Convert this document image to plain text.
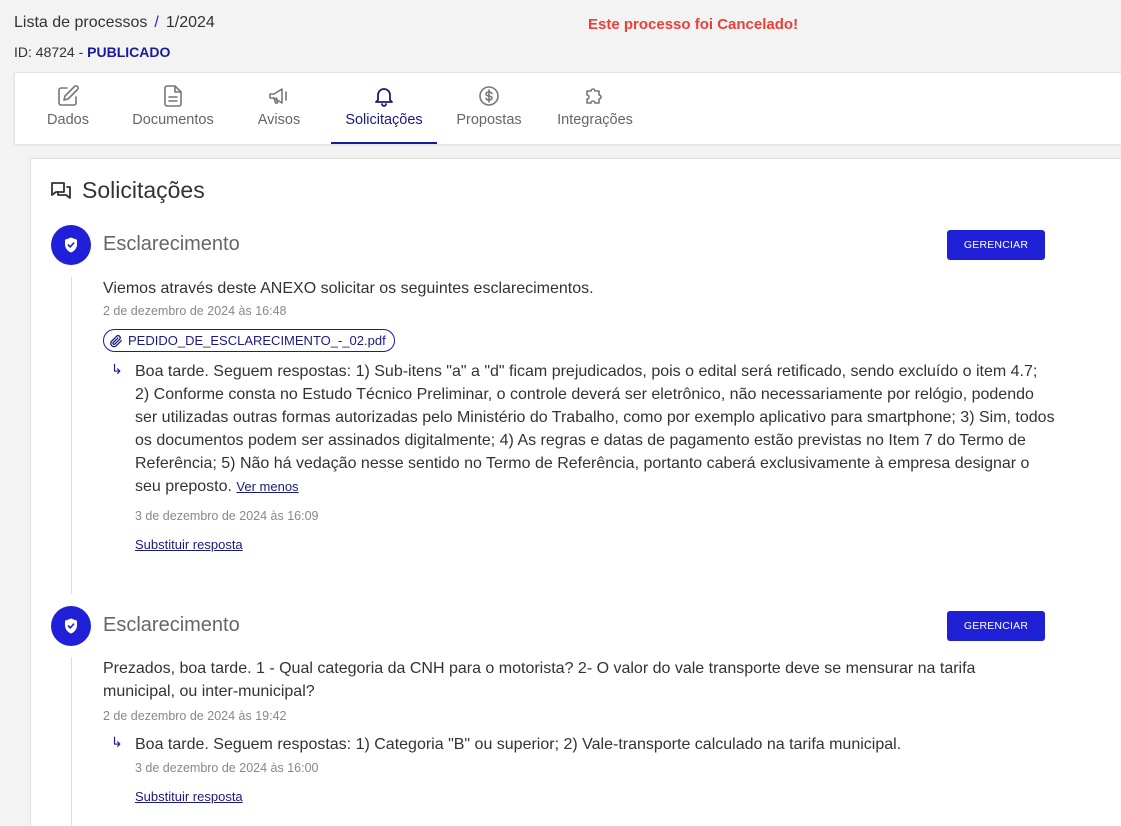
Lista de processos / 1/2024	Este processo foi Cancelado!
ID: 48724 - PUBLICADO
Dados	Documentos	Avisos	Solicitações Propostas Integrações
Solicitações
Esclarecimento	GERENCIAR
Viemos através deste ANEXO solicitar os seguintes esclarecimentos.
2 de dezembro de 2024 às 16:48
PEDIDO_DE_ESCLARECIMENTO_-_02.pdf
↳ Boa tarde. Seguem respostas: 1) Sub-itens "a" a "d" ficam prejudicados, pois o edital será retificado, sendo excluído o item 4.7; 2) Conforme consta no Estudo Técnico Preliminar, o controle deverá ser eletrônico, não necessariamente por relógio, podendo ser utilizadas outras formas autorizadas pelo Ministério do Trabalho, como por exemplo aplicativo para smartphone; 3) Sim, todos os documentos podem ser assinados digitalmente; 4) As regras e datas de pagamento estão previstas no Item 7 do Termo de Referência; 5) Não há vedação nesse sentido no Termo de Referência, portanto caberá exclusivamente à empresa designar o seu preposto. Ver menos
3 de dezembro de 2024 às 16:09
Substituir resposta
Esclarecimento	GERENCIAR
Prezados, boa tarde. 1 - Qual categoria da CNH para o motorista? 2- O valor do vale transporte deve se mensurar na tarifa municipal, ou inter-municipal?
2 de dezembro de 2024 às 19:42
↳ Boa tarde. Seguem respostas: 1) Categoria "B" ou superior; 2) Vale-transporte calculado na tarifa municipal.
3 de dezembro de 2024 às 16:00
Substituir resposta
